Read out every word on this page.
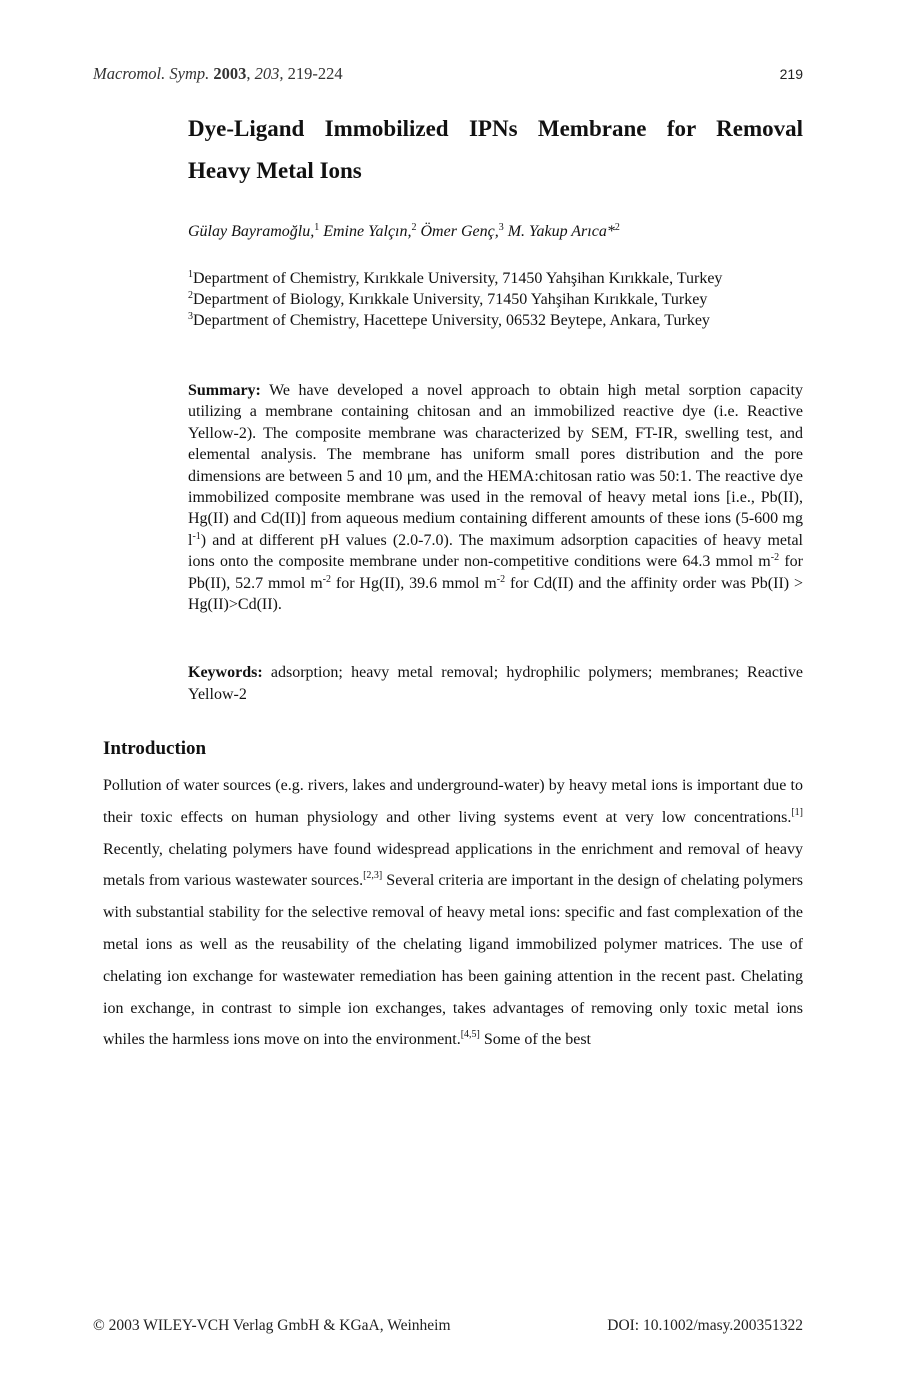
Macromol. Symp. 2003, 203, 219-224	219
Dye-Ligand Immobilized IPNs Membrane for Removal
Heavy Metal Ions
Gülay Bayramoğlu,$^1$ Emine Yalçın,$^2$ Ömer Genç,$^3$ M. Yakup Arıca*$^2$
$^1$Department of Chemistry, Kırıkkale University, 71450 Yahşihan Kırıkkale, Turkey
$^2$Department of Biology, Kırıkkale University, 71450 Yahşihan Kırıkkale, Turkey
$^3$Department of Chemistry, Hacettepe University, 06532 Beytepe, Ankara, Turkey
Summary: We have developed a novel approach to obtain high metal sorption capacity utilizing a membrane containing chitosan and an immobilized reactive dye (i.e. Reactive Yellow-2). The composite membrane was characterized by SEM, FT-IR, swelling test, and elemental analysis. The membrane has uniform small pores distribution and the pore dimensions are between 5 and 10 μm, and the HEMA:chitosan ratio was 50:1. The reactive dye immobilized composite membrane was used in the removal of heavy metal ions [i.e., Pb(II), Hg(II) and Cd(II)] from aqueous medium containing different amounts of these ions (5-600 mg $l^{-1}$) and at different pH values (2.0-7.0). The maximum adsorption capacities of heavy metal ions onto the composite membrane under non-competitive conditions were 64.3 mmol $m^{-2}$ for Pb(II), 52.7 mmol $m^{-2}$ for Hg(II), 39.6 mmol $m^{-2}$ for Cd(II) and the affinity order was Pb(II) > Hg(II)>Cd(II).
Keywords: adsorption; heavy metal removal; hydrophilic polymers; membranes; Reactive Yellow-2
Introduction
Pollution of water sources (e.g. rivers, lakes and underground-water) by heavy metal ions is important due to their toxic effects on human physiology and other living systems event at very low concentrations.[1] Recently, chelating polymers have found widespread applications in the enrichment and removal of heavy metals from various wastewater sources.[2,3] Several criteria are important in the design of chelating polymers with substantial stability for the selective removal of heavy metal ions: specific and fast complexation of the metal ions as well as the reusability of the chelating ligand immobilized polymer matrices. The use of chelating ion exchange for wastewater remediation has been gaining attention in the recent past. Chelating ion exchange, in contrast to simple ion exchanges, takes advantages of removing only toxic metal ions whiles the harmless ions move on into the environment.[4,5] Some of the best
© 2003 WILEY-VCH Verlag GmbH & KGaA, Weinheim	DOI: 10.1002/masy.200351322
